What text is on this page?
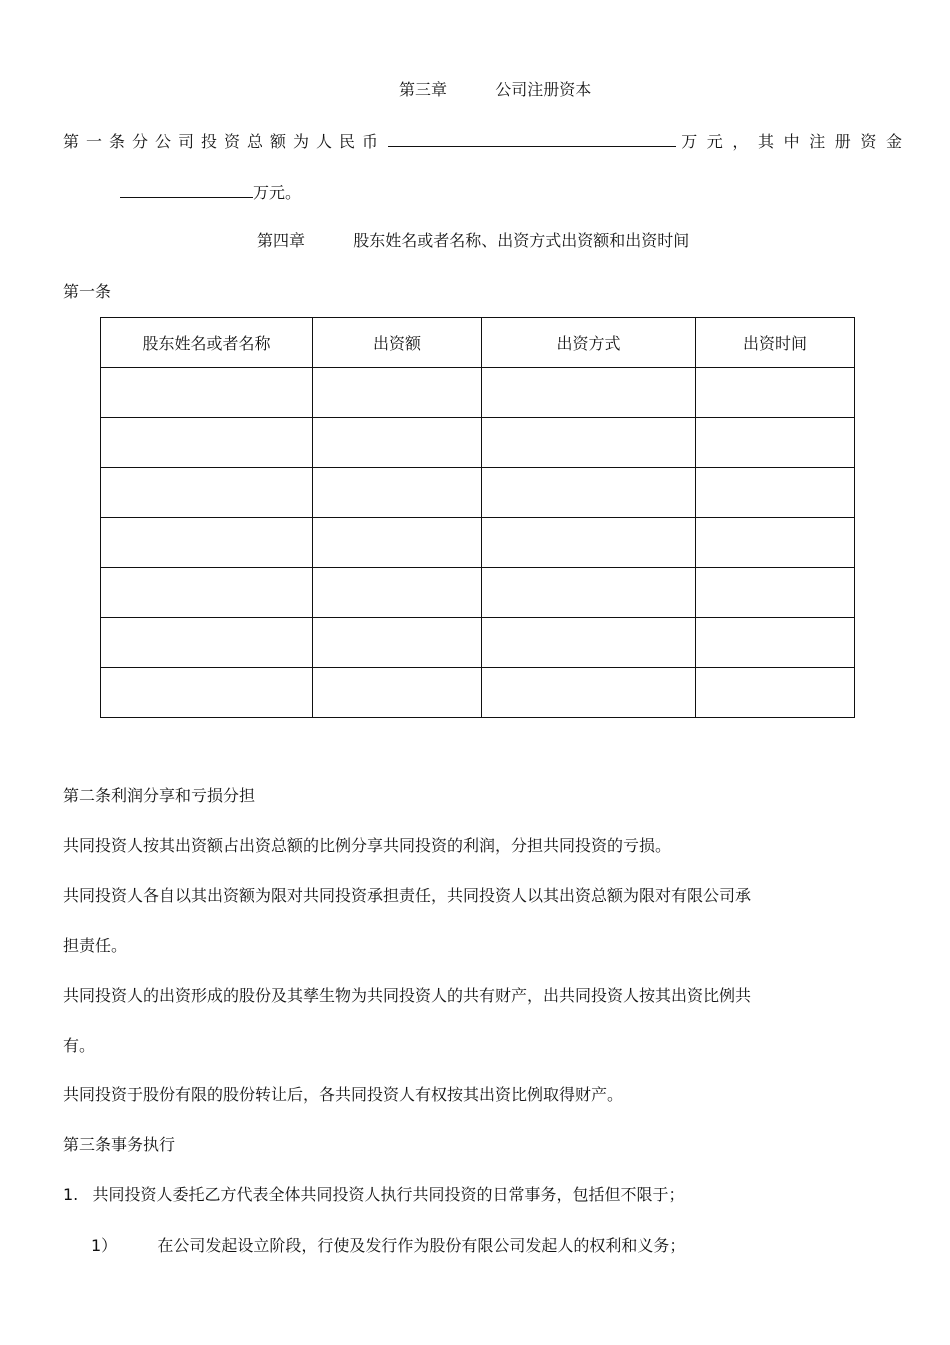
第三章	公司注册资本
第一条分公司投资总额为人民币	万元，其中注册资金
万元。
第四章	股东姓名或者名称、出资方式出资额和出资时间
第一条
股东姓名或者名称	出资额	出资方式	出资时间

第二条利润分享和亏损分担
共同投资人按其出资额占出资总额的比例分享共同投资的利润，分担共同投资的亏损。
共同投资人各自以其出资额为限对共同投资承担责任，共同投资人以其出资总额为限对有限公司承
担责任。
共同投资人的出资形成的股份及其孳生物为共同投资人的共有财产，出共同投资人按其出资比例共
有。
共同投资于股份有限的股份转让后，各共同投资人有权按其出资比例取得财产。
第三条事务执行
1. 共同投资人委托乙方代表全体共同投资人执行共同投资的日常事务，包括但不限于；
1）	在公司发起设立阶段，行使及发行作为股份有限公司发起人的权利和义务；
